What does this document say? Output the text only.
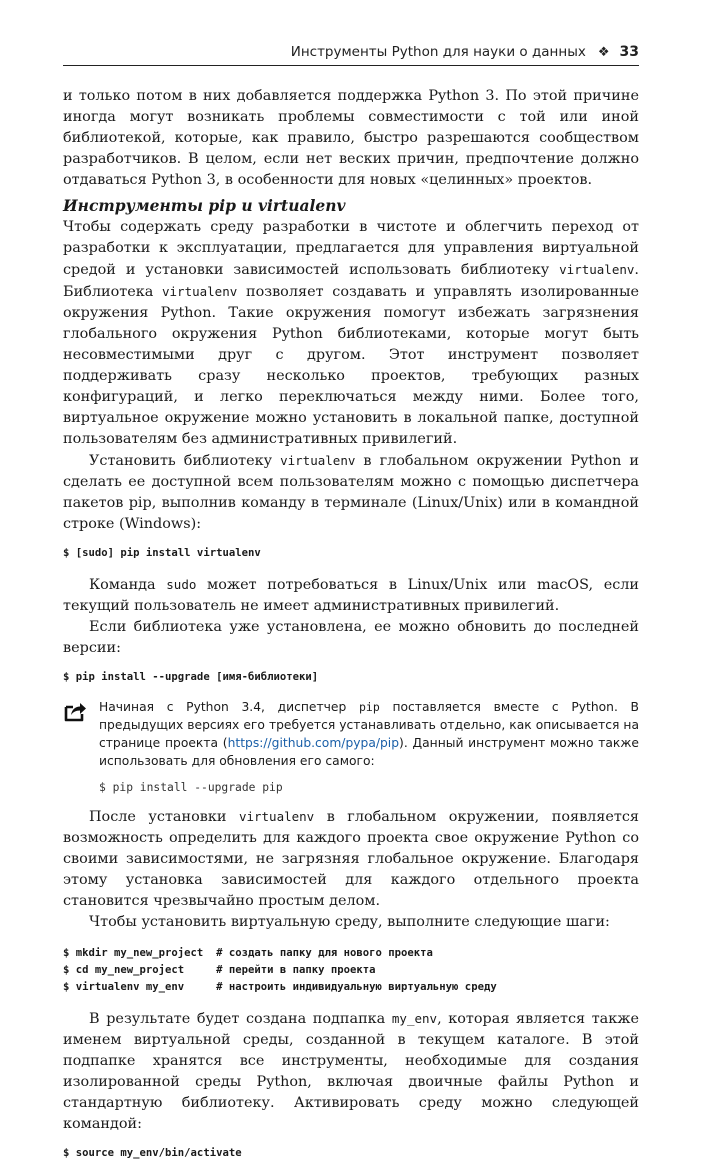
Инструменты Python для науки о данных ❖ 33

и только потом в них добавляется поддержка Python 3. По этой причине иногда могут возникать проблемы совместимости с той или иной библиотекой, которые, как правило, быстро разрешаются сообществом разработчиков. В целом, если нет веских причин, предпочтение должно отдаваться Python 3, в особенности для новых «целинных» проектов.

Инструменты pip и virtualenv

Чтобы содержать среду разработки в чистоте и облегчить переход от разработки к эксплуатации, предлагается для управления виртуальной средой и установки зависимостей использовать библиотеку virtualenv. Библиотека virtualenv позволяет создавать и управлять изолированные окружения Python. Такие окружения помогут избежать загрязнения глобального окружения Python библиотеками, которые могут быть несовместимыми друг с другом. Этот инструмент позволяет поддерживать сразу несколько проектов, требующих разных конфигураций, и легко переключаться между ними. Более того, виртуальное окружение можно установить в локальной папке, доступной пользователям без административных привилегий.

Установить библиотеку virtualenv в глобальном окружении Python и сделать ее доступной всем пользователям можно с помощью диспетчера пакетов pip, выполнив команду в терминале (Linux/Unix) или в командной строке (Windows):

$ [sudo] pip install virtualenv

Команда sudo может потребоваться в Linux/Unix или macOS, если текущий пользователь не имеет административных привилегий.

Если библиотека уже установлена, ее можно обновить до последней версии:

$ pip install --upgrade [имя-библиотеки]

Начиная с Python 3.4, диспетчер pip поставляется вместе с Python. В предыдущих версиях его требуется устанавливать отдельно, как описывается на странице проекта (https://github.com/pypa/pip). Данный инструмент можно также использовать для обновления его самого:

$ pip install --upgrade pip

После установки virtualenv в глобальном окружении, появляется возможность определить для каждого проекта свое окружение Python со своими зависимостями, не загрязняя глобальное окружение. Благодаря этому установка зависимостей для каждого отдельного проекта становится чрезвычайно простым делом.

Чтобы установить виртуальную среду, выполните следующие шаги:

$ mkdir my_new_project  # создать папку для нового проекта
$ cd my_new_project     # перейти в папку проекта
$ virtualenv my_env     # настроить индивидуальную виртуальную среду

В результате будет создана подпапка my_env, которая является также именем виртуальной среды, созданной в текущем каталоге. В этой подпапке хранятся все инструменты, необходимые для создания изолированной среды Python, включая двоичные файлы Python и стандартную библиотеку. Активировать среду можно следующей командой:

$ source my_env/bin/activate
